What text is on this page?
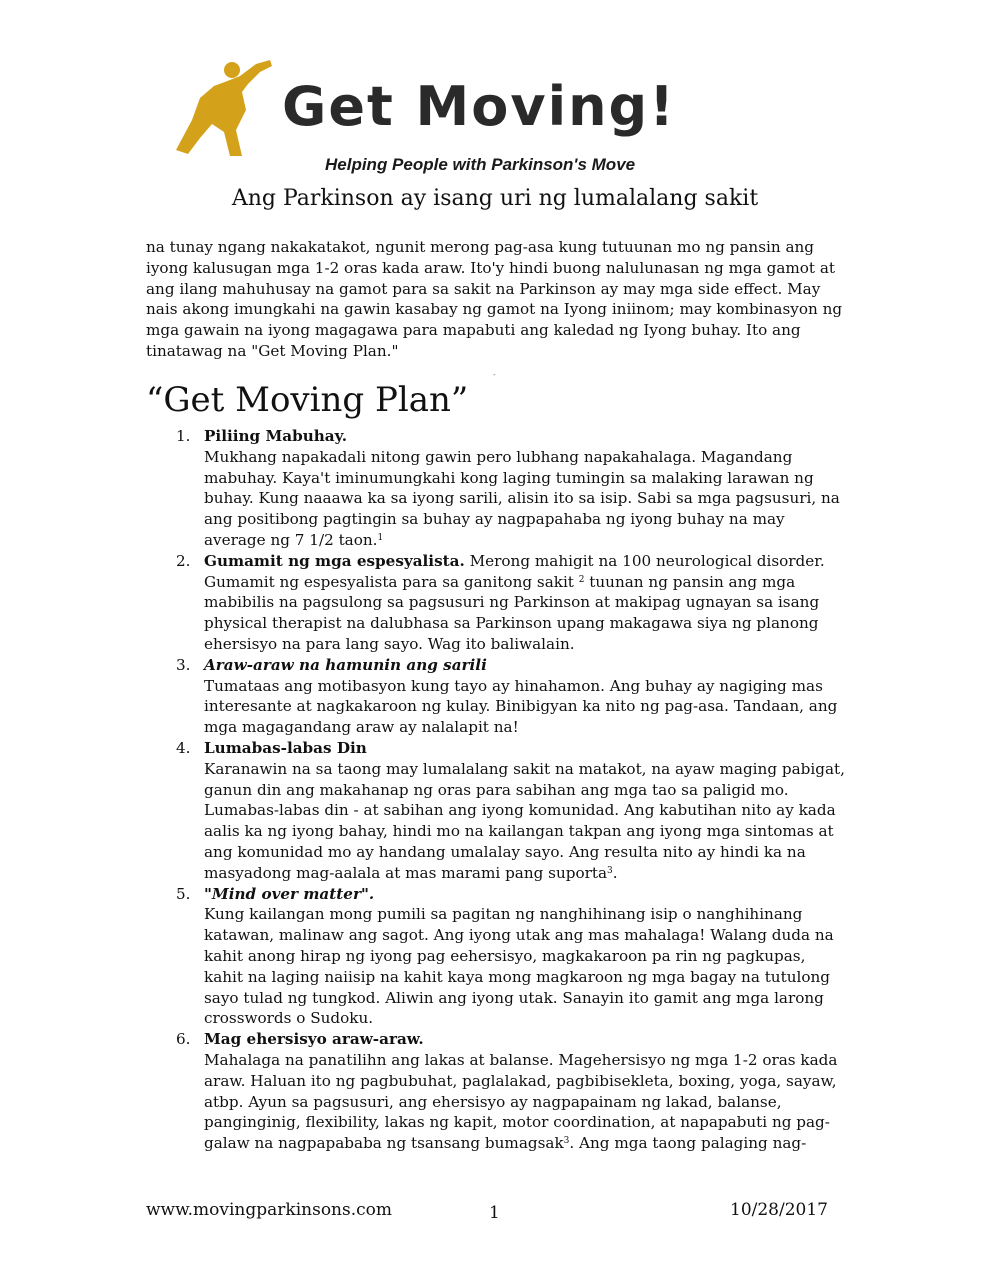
Get Moving!
Helping People with Parkinson's Move
Ang Parkinson ay isang uri ng lumalalang sakit

na tunay ngang nakakatakot, ngunit merong pag-asa kung tutuunan mo ng pansin ang iyong kalusugan mga 1-2 oras kada araw. Ito'y hindi buong nalulunasan ng mga gamot at ang ilang mahuhusay na gamot para sa sakit na Parkinson ay may mga side effect. May nais akong imungkahi na gawin kasabay ng gamot na Iyong iniinom; may kombinasyon ng mga gawain na iyong magagawa para mapabuti ang kaledad ng Iyong buhay. Ito ang tinatawag na "Get Moving Plan."

-
“Get Moving Plan”
1. Piliing Mabuhay.
Mukhang napakadali nitong gawin pero lubhang napakahalaga. Magandang mabuhay. Kaya't iminumungkahi kong laging tumingin sa malaking larawan ng buhay. Kung naaawa ka sa iyong sarili, alisin ito sa isip. Sabi sa mga pagsusuri, na ang positibong pagtingin sa buhay ay nagpapahaba ng iyong buhay na may average ng 7 1/2 taon.$^1$
2. Gumamit ng mga espesyalista. Merong mahigit na 100 neurological disorder. Gumamit ng espesyalista para sa ganitong sakit $^2$ tuunan ng pansin ang mga mabibilis na pagsulong sa pagsusuri ng Parkinson at makipag ugnayan sa isang physical therapist na dalubhasa sa Parkinson upang makagawa siya ng planong ehersisyo na para lang sayo. Wag ito baliwalain.
3. Araw-araw na hamunin ang sarili
Tumataas ang motibasyon kung tayo ay hinahamon. Ang buhay ay nagiging mas interesante at nagkakaroon ng kulay. Binibigyan ka nito ng pag-asa. Tandaan, ang mga magagandang araw ay nalalapit na!
4. Lumabas-labas Din
Karanawin na sa taong may lumalalang sakit na matakot, na ayaw maging pabigat, ganun din ang makahanap ng oras para sabihan ang mga tao sa paligid mo. Lumabas-labas din - at sabihan ang iyong komunidad. Ang kabutihan nito ay kada aalis ka ng iyong bahay, hindi mo na kailangan takpan ang iyong mga sintomas at ang komunidad mo ay handang umalalay sayo. Ang resulta nito ay hindi ka na masyadong mag-aalala at mas marami pang suporta$^3$.
5. "Mind over matter".
Kung kailangan mong pumili sa pagitan ng nanghihinang isip o nanghihinang katawan, malinaw ang sagot. Ang iyong utak ang mas mahalaga! Walang duda na kahit anong hirap ng iyong pag eehersisyo, magkakaroon pa rin ng pagkupas, kahit na laging naiisip na kahit kaya mong magkaroon ng mga bagay na tutulong sayo tulad ng tungkod. Aliwin ang iyong utak. Sanayin ito gamit ang mga larong crosswords o Sudoku.
6. Mag ehersisyo araw-araw.
Mahalaga na panatilihn ang lakas at balanse. Magehersisyo ng mga 1-2 oras kada araw. Haluan ito ng pagbubuhat, paglalakad, pagbibisekleta, boxing, yoga, sayaw, atbp. Ayun sa pagsusuri, ang ehersisyo ay nagpapainam ng lakad, balanse, panginginig, flexibility, lakas ng kapit, motor coordination, at napapabuti ng pag-galaw na nagpapababa ng tsansang bumagsak$^3$. Ang mga taong palaging nag-
www.movingparkinsons.com	1	10/28/2017
